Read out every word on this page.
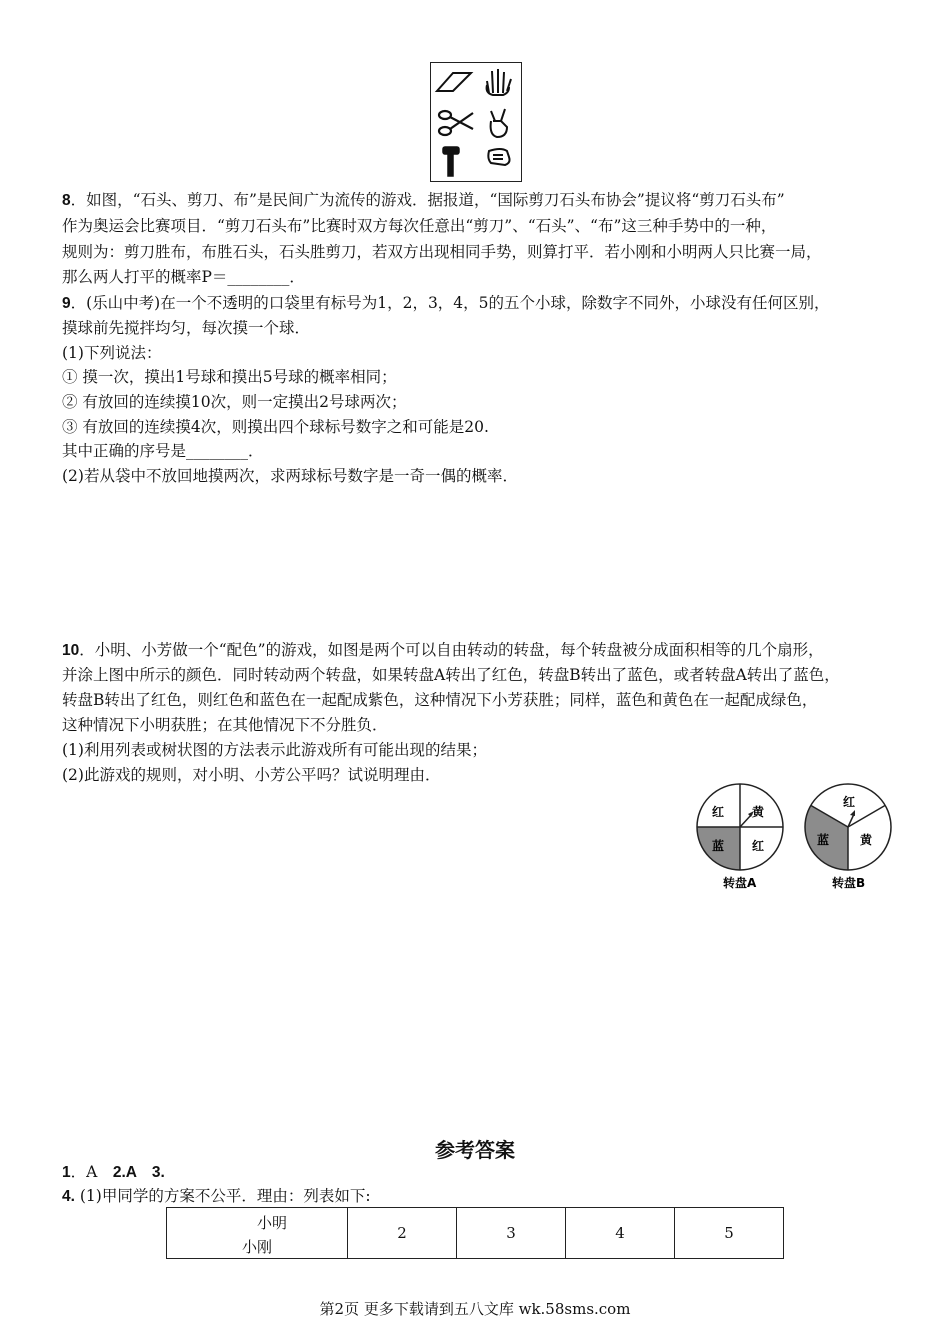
8．如图，“石头、剪刀、布”是民间广为流传的游戏．据报道，“国际剪刀石头布协会”提议将“剪刀石头布”
作为奥运会比赛项目．“剪刀石头布”比赛时双方每次任意出“剪刀”、“石头”、“布”这三种手势中的一种，
规则为：剪刀胜布，布胜石头，石头胜剪刀，若双方出现相同手势，则算打平．若小刚和小明两人只比赛一局，
那么两人打平的概率P＝________．
9．(乐山中考)在一个不透明的口袋里有标号为1，2，3，4，5的五个小球，除数字不同外，小球没有任何区别，
摸球前先搅拌均匀，每次摸一个球．
(1)下列说法：
① 摸一次，摸出1号球和摸出5号球的概率相同；
② 有放回的连续摸10次，则一定摸出2号球两次；
③ 有放回的连续摸4次，则摸出四个球标号数字之和可能是20.
其中正确的序号是________．
(2)若从袋中不放回地摸两次，求两球标号数字是一奇一偶的概率．
10．小明、小芳做一个“配色”的游戏，如图是两个可以自由转动的转盘，每个转盘被分成面积相等的几个扇形，
并涂上图中所示的颜色．同时转动两个转盘，如果转盘A转出了红色，转盘B转出了蓝色，或者转盘A转出了蓝色，
转盘B转出了红色，则红色和蓝色在一起配成紫色，这种情况下小芳获胜；同样，蓝色和黄色在一起配成绿色，
这种情况下小明获胜；在其他情况下不分胜负．
(1)利用列表或树状图的方法表示此游戏所有可能出现的结果；
(2)此游戏的规则，对小明、小芳公平吗？试说明理由．
红 黄
红
蓝
转盘A
红
黄
蓝
转盘B
参考答案
1．A　2.A　3.
4. (1)甲同学的方案不公平．理由：列表如下:
小明
小刚
	2	3	4	5
第2页 更多下载请到五八文库 wk.58sms.com
